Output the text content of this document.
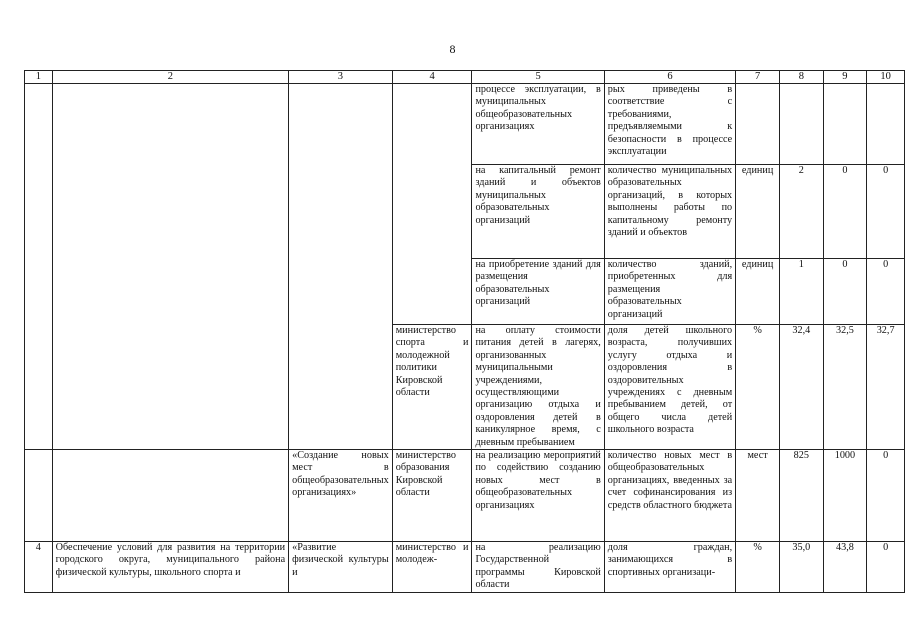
8
1	2	3	4	5	6	7	8	9	10
				процессе эксплуатации, в муниципальных общеобразовательных организациях	рых приведены в соответствие с требованиями, предъявляемыми к безопасности в процессе эксплуатации				
				на капитальный ремонт зданий и объектов муниципальных образовательных организаций	количество муниципальных образовательных организаций, в которых выполнены работы по капитальному ремонту зданий и объектов	единиц	2	0	0
				на приобретение зданий для размещения образовательных организаций	количество зданий, приобретенных для размещения образовательных организаций	единиц	1	0	0
			министерство спорта и молодежной политики Кировской области	на оплату стоимости питания детей в лагерях, организованных муниципальными учреждениями, осуществляющими организацию отдыха и оздоровления детей в каникулярное время, с дневным пребыванием	доля детей школьного возраста, получивших услугу отдыха и оздоровления в оздоровительных учреждениях с дневным пребыванием детей, от общего числа детей школьного возраста	%	32,4	32,5	32,7
		«Создание новых мест в общеобразовательных организациях»	министерство образования Кировской области	на реализацию мероприятий по содействию созданию новых мест в общеобразовательных организациях	количество новых мест в общеобразовательных организациях, введенных за счет софинансирования из средств областного бюджета	мест	825	1000	0
4	Обеспечение условий для развития на территории городского округа, муниципального района физической культуры, школьного спорта и	«Развитие физической культуры и	министерство и молодеж-	на реализацию Государственной программы Кировской области	доля граждан, занимающихся в спортивных организаци-	%	35,0	43,8	0
